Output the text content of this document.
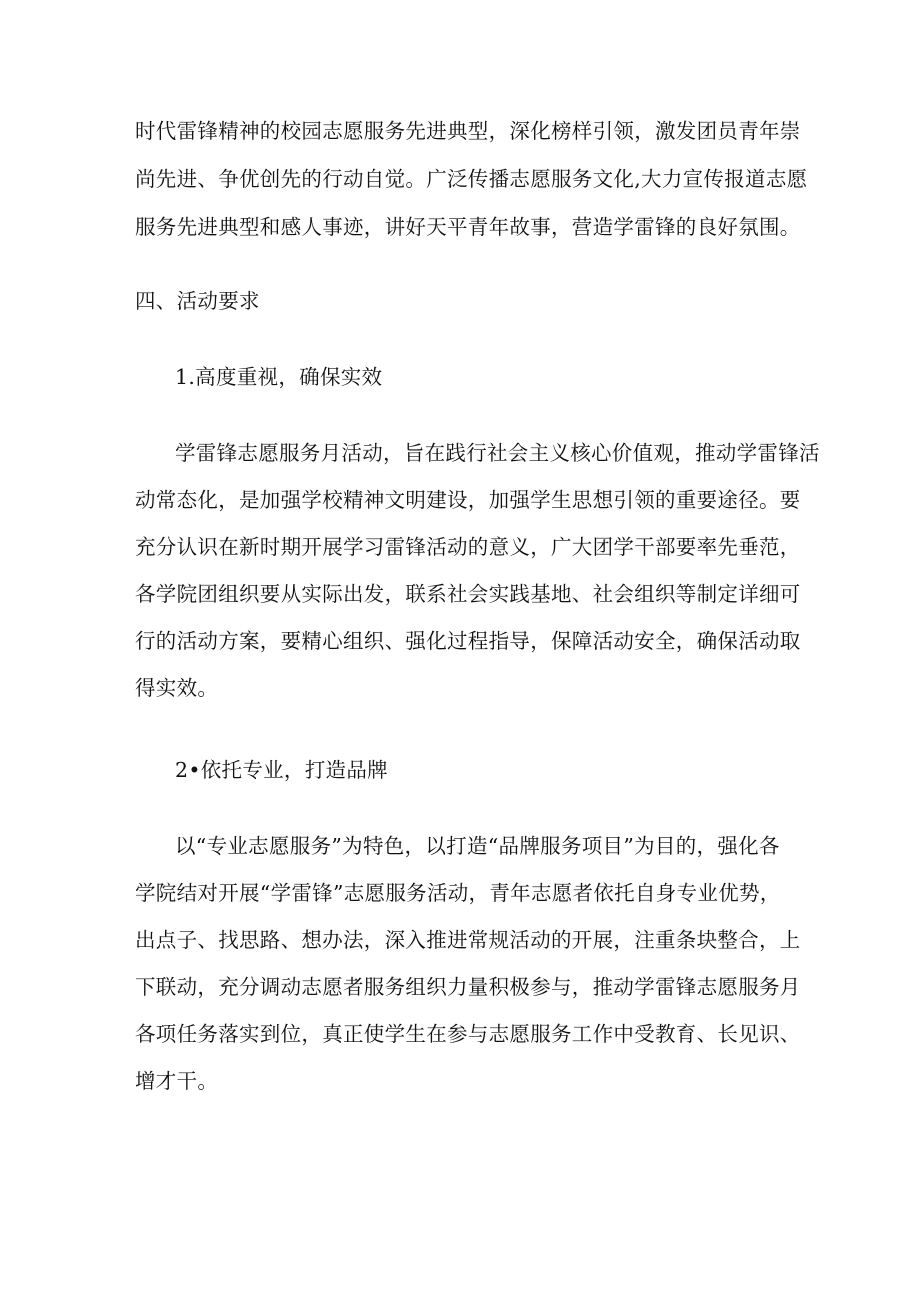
时代雷锋精神的校园志愿服务先进典型，深化榜样引领，激发团员青年崇
尚先进、争优创先的行动自觉。广泛传播志愿服务文化,大力宣传报道志愿
服务先进典型和感人事迹，讲好天平青年故事，营造学雷锋的良好氛围。
四、活动要求
1.高度重视，确保实效
学雷锋志愿服务月活动，旨在践行社会主义核心价值观，推动学雷锋活
动常态化，是加强学校精神文明建设，加强学生思想引领的重要途径。要
充分认识在新时期开展学习雷锋活动的意义，广大团学干部要率先垂范，
各学院团组织要从实际出发，联系社会实践基地、社会组织等制定详细可
行的活动方案，要精心组织、强化过程指导，保障活动安全，确保活动取
得实效。
2•依托专业，打造品牌
以“专业志愿服务”为特色，以打造“品牌服务项目”为目的，强化各
学院结对开展“学雷锋”志愿服务活动，青年志愿者依托自身专业优势，
出点子、找思路、想办法，深入推进常规活动的开展，注重条块整合，上
下联动，充分调动志愿者服务组织力量积极参与，推动学雷锋志愿服务月
各项任务落实到位，真正使学生在参与志愿服务工作中受教育、长见识、
增才干。
